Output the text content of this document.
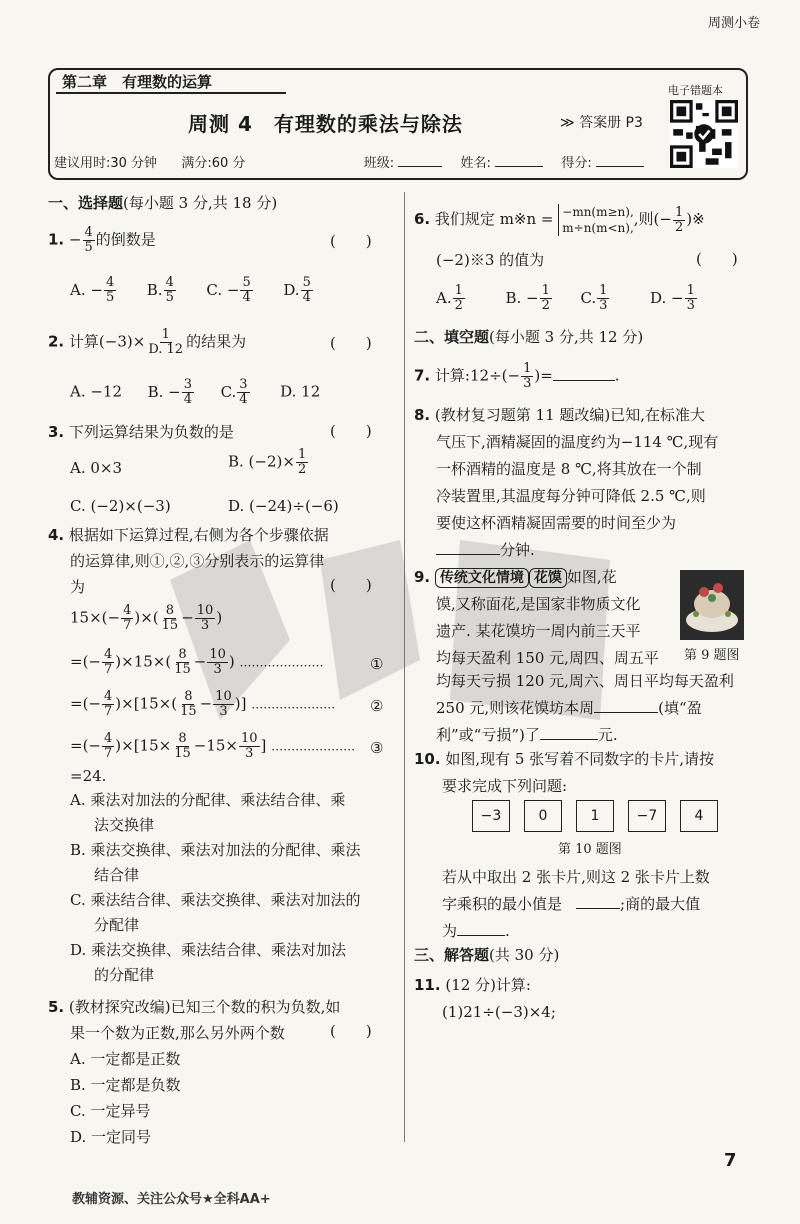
周测小卷
第二章　有理数的运算
周测 4　有理数的乘法与除法	≫ 答案册 P3
电子错题本
建议用时:30 分钟 满分:60 分	班级:	姓名:	得分:
一、选择题(每小题 3 分,共 18 分)
1. − $\frac{4}{5}$ 的倒数是	(　　)
A. − $\frac{4}{5} B$. $\frac{4}{5} C$. − $\frac{5}{4} D$. $\frac{5}{4}$
2. 计算$(-3)\times \frac{1}{D. 12}$ 的结果为	(　　)
A. −12 B. − $\frac{3}{4} C$. $\frac{3}{4} D$. 12
3. 下列运算结果为负数的是	(　　)
A. 0×3	B. $(-2)\times \frac{1}{2}$
C. (−2)×(−3)	D. (−24)÷(−6)
4. 根据如下运算过程,右侧为各个步骤依据
的运算律,则①,②,③分别表示的运算律
为	(　　)
$15\times(- \frac{4}{7}$ )×( $\frac{8}{15} - \frac{10}{3}$ )
=(− $\frac{4}{7} )\times 15\times( \frac{8}{15} - \frac{10}{3}$ ) …………………	①
=(− $\frac{4}{7} )\times[15\times( \frac{8}{15} - \frac{10}{3}$ )] …………………	②
=(− $\frac{4}{7} )\times[15\times \frac{8}{15} -15\times \frac{10}{3}$ ] ………………… ③
=24.
A. 乘法对加法的分配律、乘法结合律、乘
法交换律
B. 乘法交换律、乘法对加法的分配律、乘法
结合律
C. 乘法结合律、乘法交换律、乘法对加法的
分配律
D. 乘法交换律、乘法结合律、乘法对加法
的分配律
5. (教材探究改编)已知三个数的积为负数,如
果一个数为正数,那么另外两个数	(　　)
A. 一定都是正数
B. 一定都是负数
C. 一定异号
D. 一定同号
6. 我们规定 m※n = −mn(m≥n),
m÷n(m<n), ,则(− $\frac{1}{2}$ )※
(−2)※3 的值为	(　　)
A. $\frac{1}{2}$	B. − $\frac{1}{2} C$. $\frac{1}{3}$	D. − $\frac{1}{3}$
二、填空题(每小题 3 分,共 12 分)
7. 计算:12÷(− $\frac{1}{3}$ )=	.
8. (教材复习题第 11 题改编)已知,在标准大
气压下,酒精凝固的温度约为−114 ℃,现有
一杯酒精的温度是 8 ℃,将其放在一个制
冷装置里,其温度每分钟可降低 2.5 ℃,则
要使这杯酒精凝固需要的时间至少为
分钟.
9. 传统文化情境 花馍 如图,花
馍,又称面花,是国家非物质文化
遗产. 某花馍坊一周内前三天平
均每天盈利 150 元,周四、周五平	第 9 题图
均每天亏损 120 元,周六、周日平均每天盈利
250 元,则该花馍坊本周	(填“盈
利”或“亏损”)了	元.
10. 如图,现有 5 张写着不同数字的卡片,请按
要求完成下列问题:
−3	0	1	−7	4
第 10 题图
若从中取出 2 张卡片,则这 2 张卡片上数
字乘积的最小值是	;商的最大值
为	.
三、解答题(共 30 分)
11. (12 分)计算:
(1)21÷(−3)×4;
教辅资源、关注公众号★全科AA+
7
